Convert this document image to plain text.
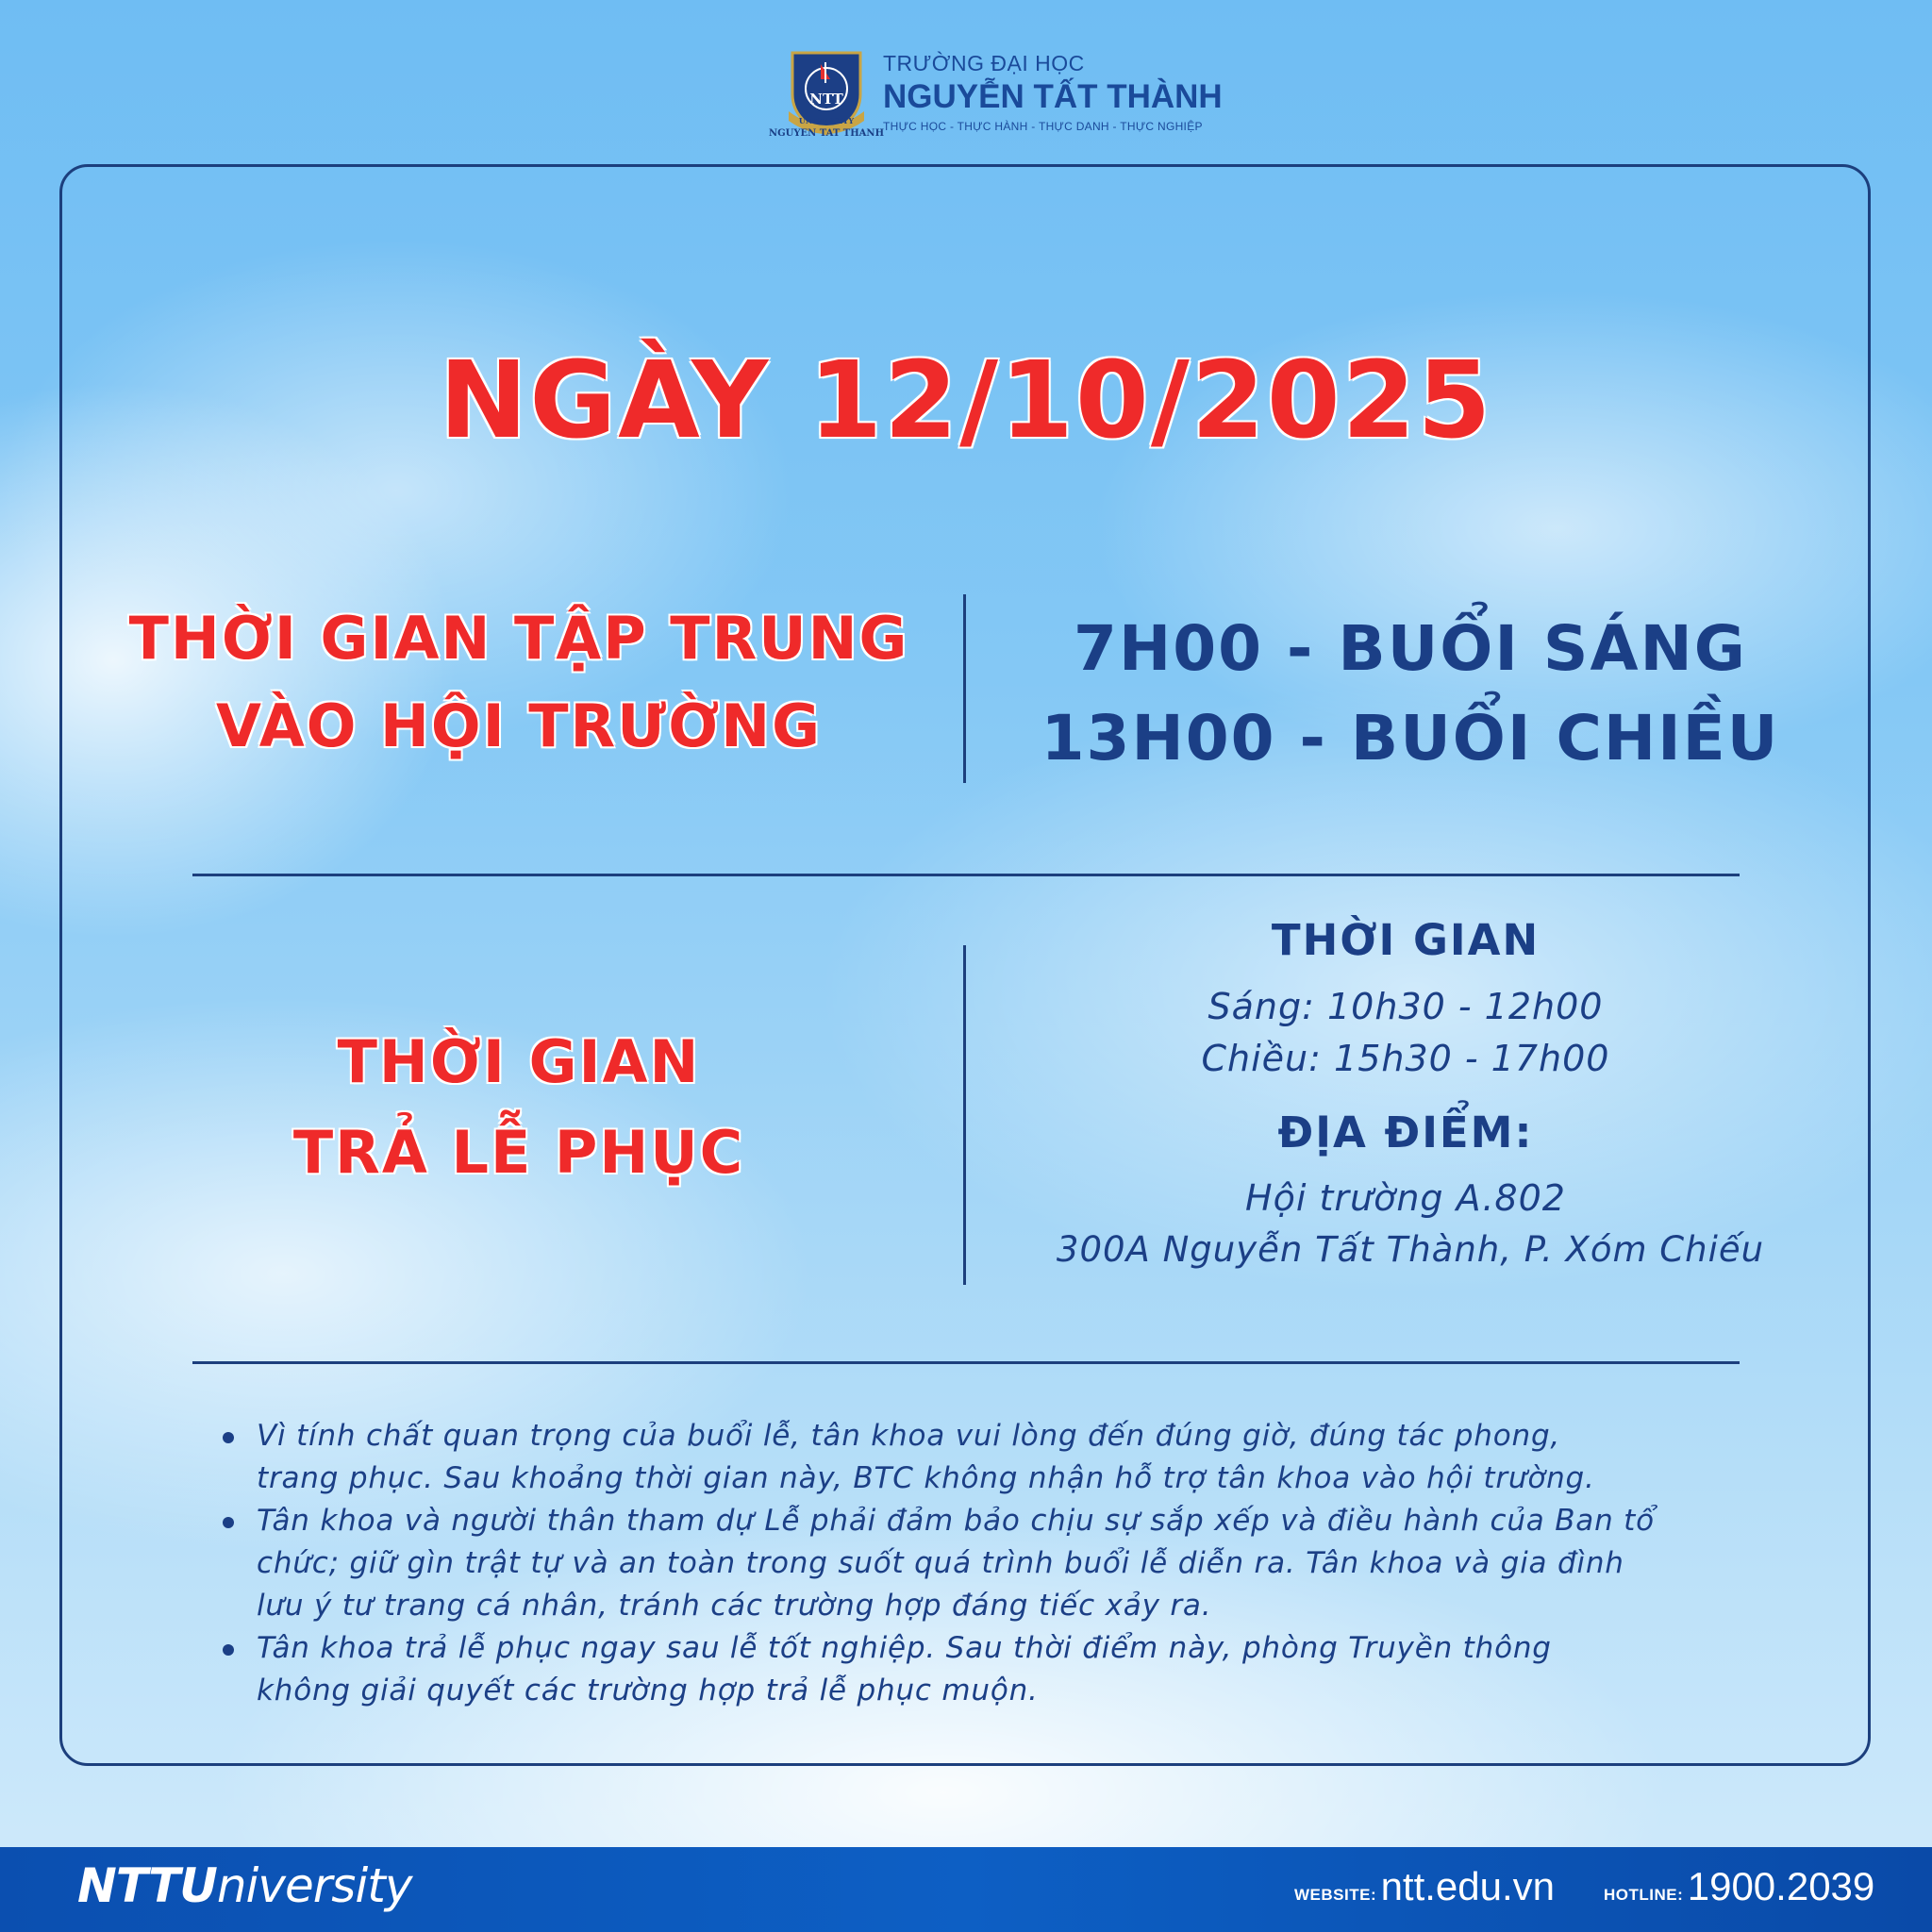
NTT
UNIVERSITY
NGUYEN TAT THANH
TRƯỜNG ĐẠI HỌC
NGUYỄN TẤT THÀNH
THỰC HỌC - THỰC HÀNH - THỰC DANH - THỰC NGHIỆP
NGÀY 12/10/2025
THỜI GIAN TẬP TRUNG
VÀO HỘI TRƯỜNG
7H00 - BUỔI SÁNG
13H00 - BUỔI CHIỀU
THỜI GIAN
TRẢ LỄ PHỤC
THỜI GIAN
Sáng: 10h30 - 12h00
Chiều: 15h30 - 17h00
ĐỊA ĐIỂM:
Hội trường A.802
300A Nguyễn Tất Thành, P. Xóm Chiếu
Vì tính chất quan trọng của buổi lễ, tân khoa vui lòng đến đúng giờ, đúng tác phong,
trang phục. Sau khoảng thời gian này, BTC không nhận hỗ trợ tân khoa vào hội trường.
Tân khoa và người thân tham dự Lễ phải đảm bảo chịu sự sắp xếp và điều hành của Ban tổ
chức; giữ gìn trật tự và an toàn trong suốt quá trình buổi lễ diễn ra. Tân khoa và gia đình
lưu ý tư trang cá nhân, tránh các trường hợp đáng tiếc xảy ra.
Tân khoa trả lễ phục ngay sau lễ tốt nghiệp. Sau thời điểm này, phòng Truyền thông
không giải quyết các trường hợp trả lễ phục muộn.
NTTUniversity	WEBSITE: ntt.edu.vn	HOTLINE: 1900.2039
